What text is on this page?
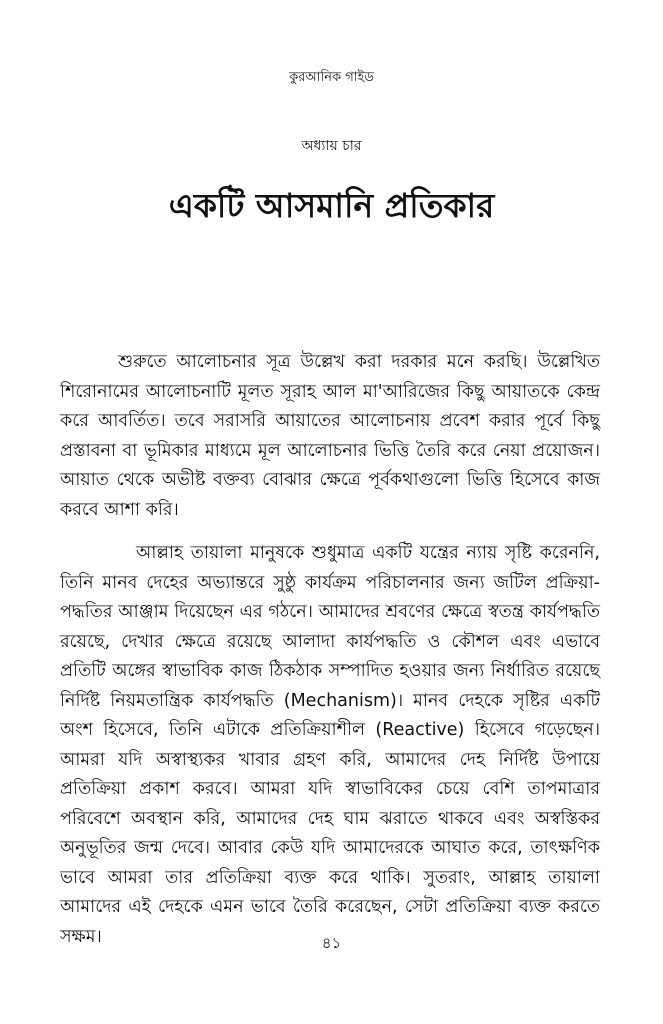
কুরআনিক গাইড
অধ্যায় চার
একটি আসমানি প্রতিকার

শুরুতে আলোচনার সূত্র উল্লেখ করা দরকার মনে করছি। উল্লেখিত শিরোনামের আলোচনাটি মূলত সূরাহ আল মা'আরিজের কিছু আয়াতকে কেন্দ্র করে আবর্তিত। তবে সরাসরি আয়াতের আলোচনায় প্রবেশ করার পূর্বে কিছু প্রস্তাবনা বা ভূমিকার মাধ্যমে মূল আলোচনার ভিত্তি তৈরি করে নেয়া প্রয়োজন। আয়াত থেকে অভীষ্ট বক্তব্য বোঝার ক্ষেত্রে পূর্বকথাগুলো ভিত্তি হিসেবে কাজ করবে আশা করি।

আল্লাহ তায়ালা মানুষকে শুধুমাত্র একটি যন্ত্রের ন্যায় সৃষ্টি করেননি, তিনি মানব দেহের অভ্যান্তরে সুষ্ঠু কার্যক্রম পরিচালনার জন্য জটিল প্রক্রিয়া-পদ্ধতির আঞ্জাম দিয়েছেন এর গঠনে। আমাদের শ্রবণের ক্ষেত্রে স্বতন্ত্র কার্যপদ্ধতি রয়েছে, দেখার ক্ষেত্রে রয়েছে আলাদা কার্যপদ্ধতি ও কৌশল এবং এভাবে প্রতিটি অঙ্গের স্বাভাবিক কাজ ঠিকঠাক সম্পাদিত হওয়ার জন্য নির্ধারিত রয়েছে নির্দিষ্ট নিয়মতান্ত্রিক কার্যপদ্ধতি (Mechanism)। মানব দেহকে সৃষ্টির একটি অংশ হিসেবে, তিনি এটাকে প্রতিক্রিয়াশীল (Reactive) হিসেবে গড়েছেন। আমরা যদি অস্বাস্থ্যকর খাবার গ্রহণ করি, আমাদের দেহ নির্দিষ্ট উপায়ে প্রতিক্রিয়া প্রকাশ করবে। আমরা যদি স্বাভাবিকের চেয়ে বেশি তাপমাত্রার পরিবেশে অবস্থান করি, আমাদের দেহ ঘাম ঝরাতে থাকবে এবং অস্বস্তিকর অনুভূতির জন্ম দেবে। আবার কেউ যদি আমাদেরকে আঘাত করে, তাৎক্ষণিক ভাবে আমরা তার প্রতিক্রিয়া ব্যক্ত করে থাকি। সুতরাং, আল্লাহ তায়ালা আমাদের এই দেহকে এমন ভাবে তৈরি করেছেন, সেটা প্রতিক্রিয়া ব্যক্ত করতে সক্ষম।	৪১
